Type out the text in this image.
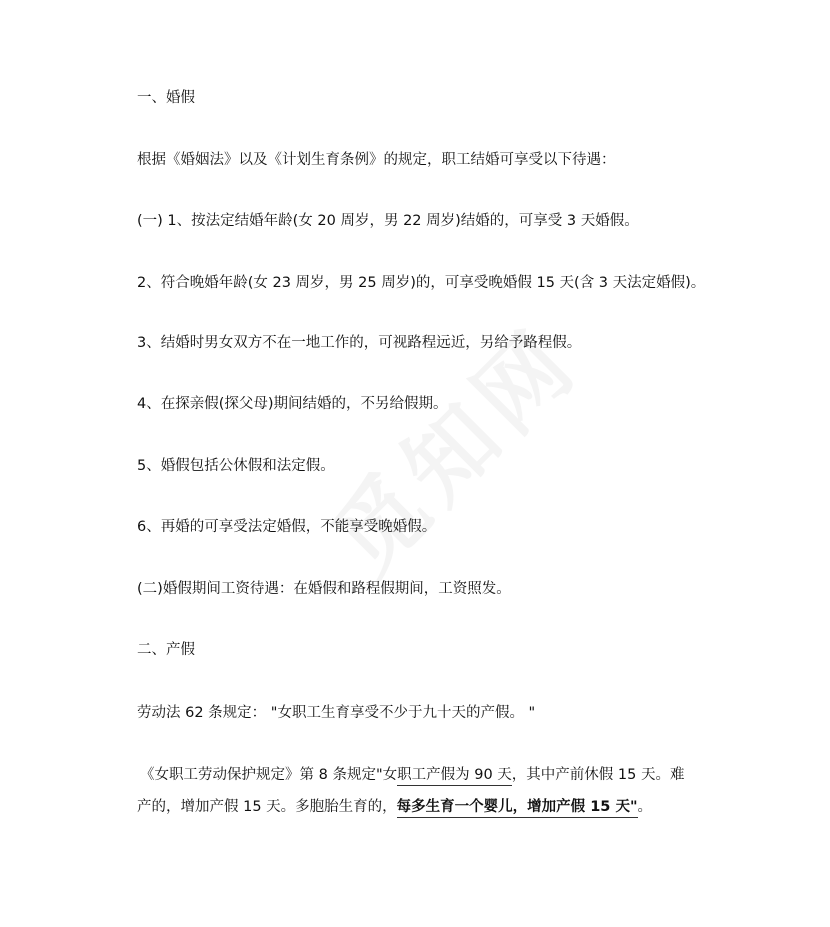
一、婚假
根据《婚姻法》以及《计划生育条例》的规定，职工结婚可享受以下待遇：
(一) 1、按法定结婚年龄(女 20 周岁，男 22 周岁)结婚的，可享受 3 天婚假。
2、符合晚婚年龄(女 23 周岁，男 25 周岁)的，可享受晚婚假 15 天(含 3 天法定婚假)。
3、结婚时男女双方不在一地工作的，可视路程远近，另给予路程假。
4、在探亲假(探父母)期间结婚的，不另给假期。
5、婚假包括公休假和法定假。
6、再婚的可享受法定婚假，不能享受晚婚假。
(二)婚假期间工资待遇：在婚假和路程假期间，工资照发。
二、产假
劳动法 62 条规定： "女职工生育享受不少于九十天的产假。 "
《女职工劳动保护规定》第 8 条规定"女职工产假为 90 天，其中产前休假 15 天。难
产的，增加产假 15 天。多胞胎生育的，每多生育一个婴儿，增加产假 15 天"。
